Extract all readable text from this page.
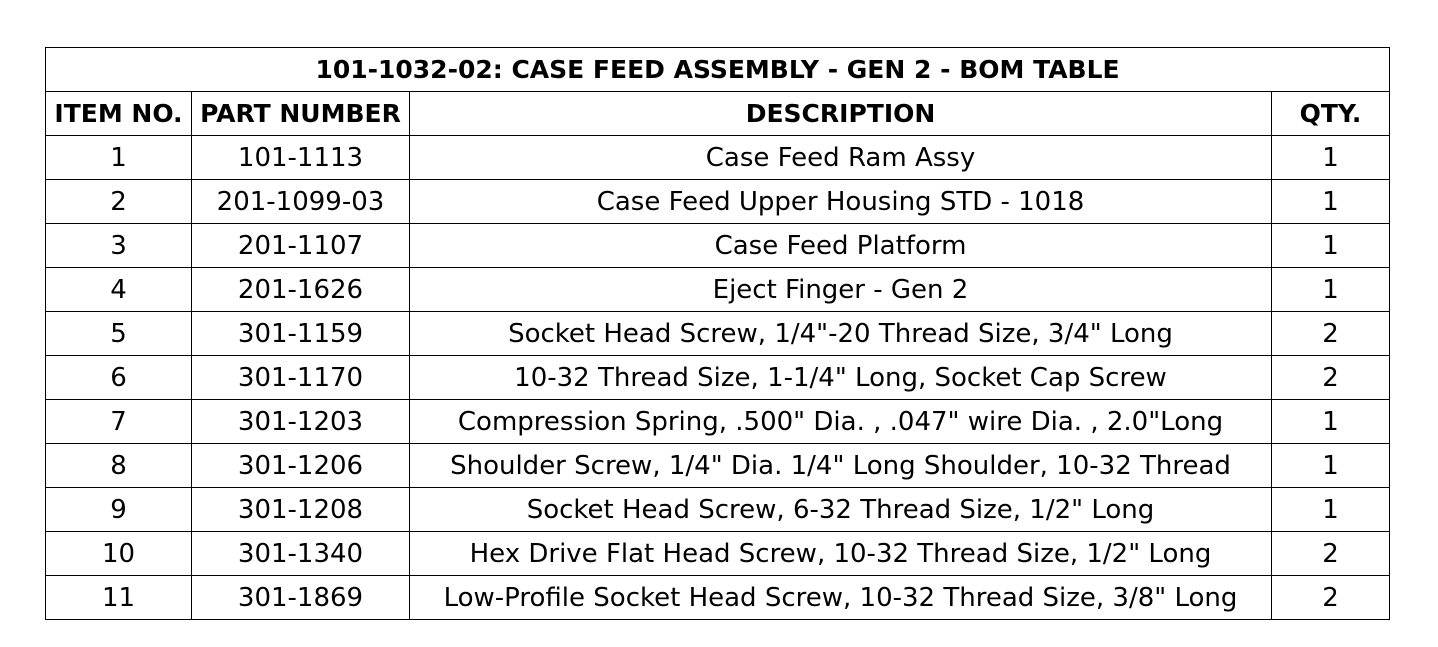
101-1032-02: CASE FEED ASSEMBLY - GEN 2 - BOM TABLE			
ITEM NO.	PART NUMBER	DESCRIPTION	QTY.
1	101-1113	Case Feed Ram Assy	1
2	201-1099-03	Case Feed Upper Housing STD - 1018	1
3	201-1107	Case Feed Platform	1
4	201-1626	Eject Finger - Gen 2	1
5	301-1159	Socket Head Screw, 1/4"-20 Thread Size, 3/4" Long	2
6	301-1170	10-32 Thread Size, 1-1/4" Long, Socket Cap Screw	2
7	301-1203	Compression Spring, .500" Dia. , .047" wire Dia. , 2.0"Long	1
8	301-1206	Shoulder Screw, 1/4" Dia. 1/4" Long Shoulder, 10-32 Thread	1
9	301-1208	Socket Head Screw, 6-32 Thread Size, 1/2" Long	1
10	301-1340	Hex Drive Flat Head Screw, 10-32 Thread Size, 1/2" Long	2
11	301-1869	Low-Profile Socket Head Screw, 10-32 Thread Size, 3/8" Long	2
